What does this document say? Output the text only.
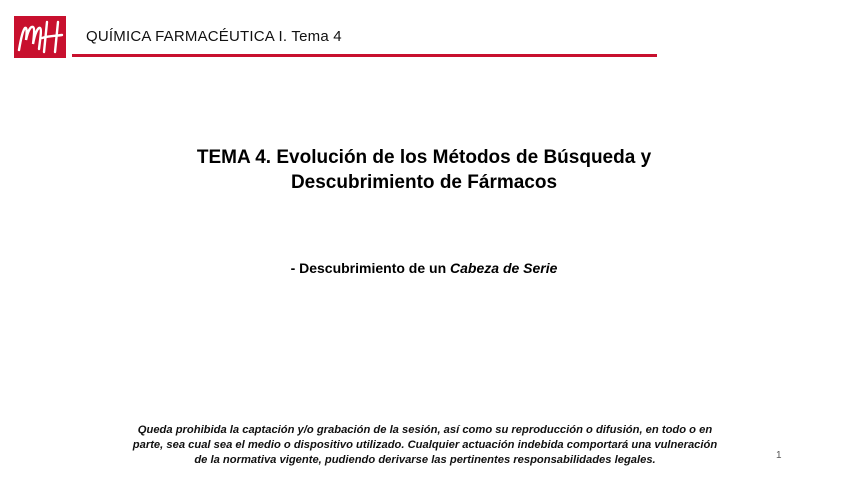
QUÍMICA FARMACÉUTICA I. Tema 4
TEMA 4. Evolución de los Métodos de Búsqueda y
Descubrimiento de Fármacos
- Descubrimiento de un Cabeza de Serie
Queda prohibida la captación y/o grabación de la sesión, así como su reproducción o difusión, en todo o en
parte, sea cual sea el medio o dispositivo utilizado. Cualquier actuación indebida comportará una vulneración
de la normativa vigente, pudiendo derivarse las pertinentes responsabilidades legales.	1
